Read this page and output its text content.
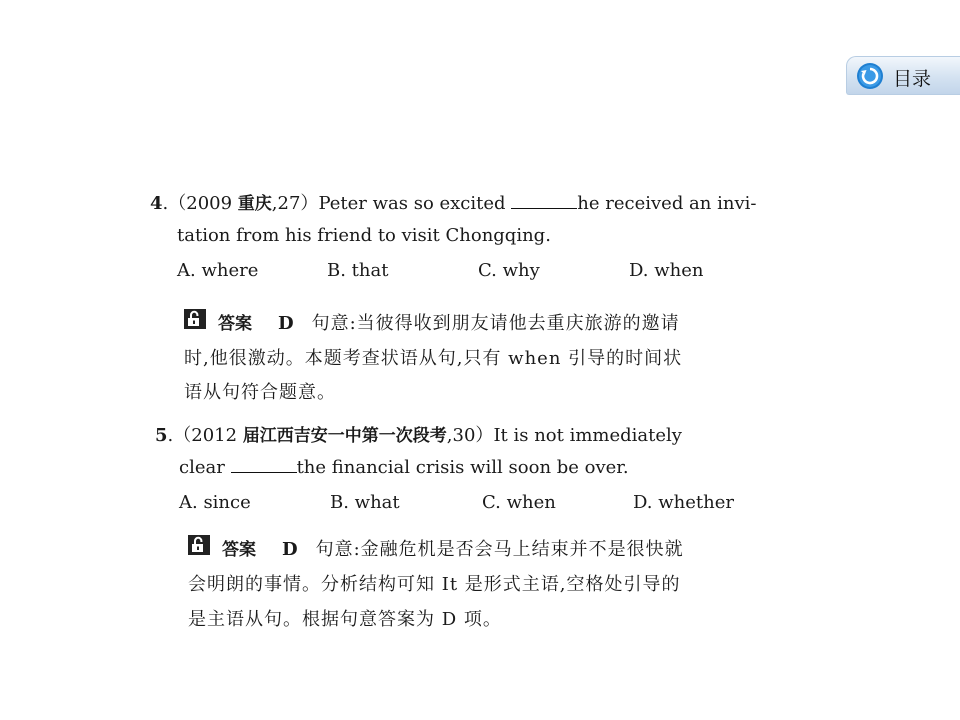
目录
4.（2009 重庆,27）Peter was so excited	he received an invi-
tation from his friend to visit Chongqing.
A. where	B. that	C. why	D. when
答案 D 句意:当彼得收到朋友请他去重庆旅游的邀请
时,他很激动。本题考查状语从句,只有 when 引导的时间状
语从句符合题意。
5.（2012 届江西吉安一中第一次段考,30）It is not immediately
clear	the financial crisis will soon be over.
A. since	B. what	C. when	D. whether
答案 D 句意:金融危机是否会马上结束并不是很快就
会明朗的事情。分析结构可知 It 是形式主语,空格处引导的
是主语从句。根据句意答案为 D 项。
